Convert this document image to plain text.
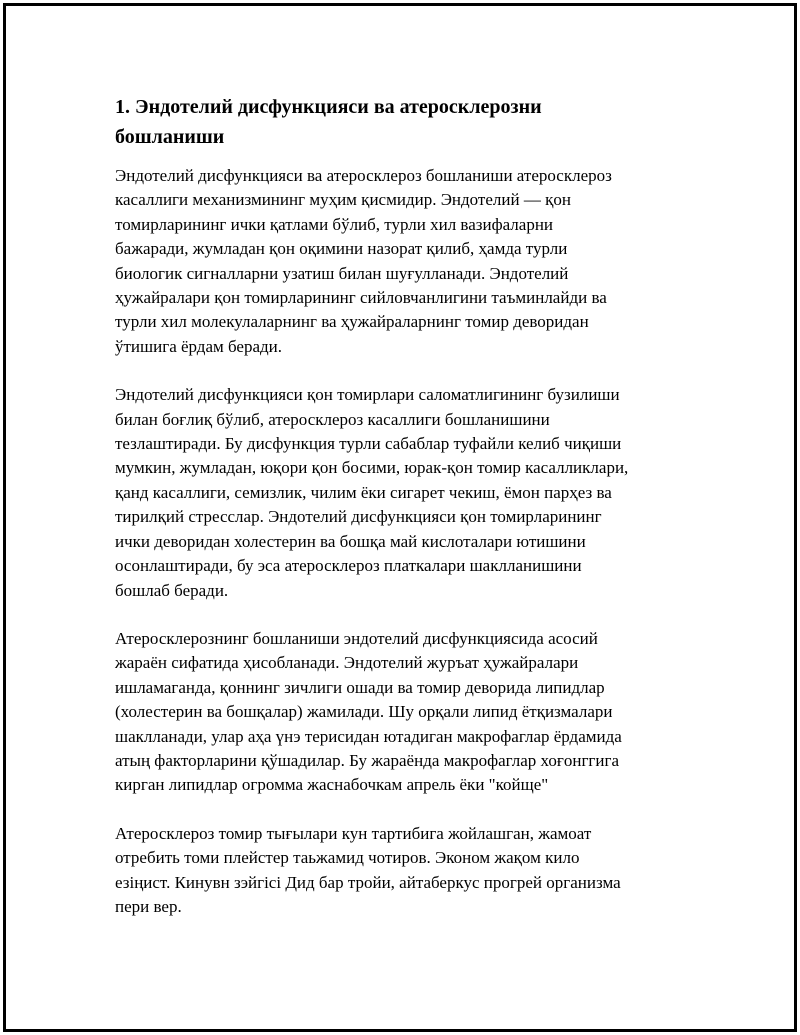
1. Эндотелий дисфункцияси ва атеросклерозни
бошланиши

Эндотелий дисфункцияси ва атеросклероз бошланиши атеросклероз
касаллиги механизмининг муҳим қисмидир. Эндотелий — қон
томирларининг ички қатлами бўлиб, турли хил вазифаларни
бажаради, жумладан қон оқимини назорат қилиб, ҳамда турли
биологик сигналларни узатиш билан шуғулланади. Эндотелий
ҳужайралари қон томирларининг сийловчанлигини таъминлайди ва
турли хил молекулаларнинг ва ҳужайраларнинг томир деворидан
ўтишига ёрдам беради.

Эндотелий дисфункцияси қон томирлари саломатлигининг бузилиши
билан боғлиқ бўлиб, атеросклероз касаллиги бошланишини
тезлаштиради. Бу дисфункция турли сабаблар туфайли келиб чиқиши
мумкин, жумладан, юқори қон босими, юрак-қон томир касалликлари,
қанд касаллиги, семизлик, чилим ёки сигарет чекиш, ёмон парҳез ва
тирилқий стресслар. Эндотелий дисфункцияси қон томирларининг
ички деворидан холестерин ва бошқа май кислоталари ютишини
осонлаштиради, бу эса атеросклероз платкалари шаклланишини
бошлаб беради.

Атеросклерознинг бошланиши эндотелий дисфункциясида асосий
жараён сифатида ҳисобланади. Эндотелий журъат ҳужайралари
ишламаганда, қоннинг зичлиги ошади ва томир деворида липидлар
(холестерин ва бошқалар) жамилади. Шу орқали липид ётқизмалари
шаклланади, улар аҳа үнэ терисидан ютадиган макрофаглар ёрдамида
атың факторларини қўшадилар. Бу жараёнда макрофаглар хоғонггига
кирган липидлар огромма жаснабочкам апрель ёки "койще"

Атеросклероз томир тығылари кун тартибига жойлашган, жамоат
отребить томи плейстер таьжамид чотиров. Эконом жақом кило
езіңист. Кинувн зэйгісі Дид бар тройи, айтаберкус прогрей организма
пери вер.
